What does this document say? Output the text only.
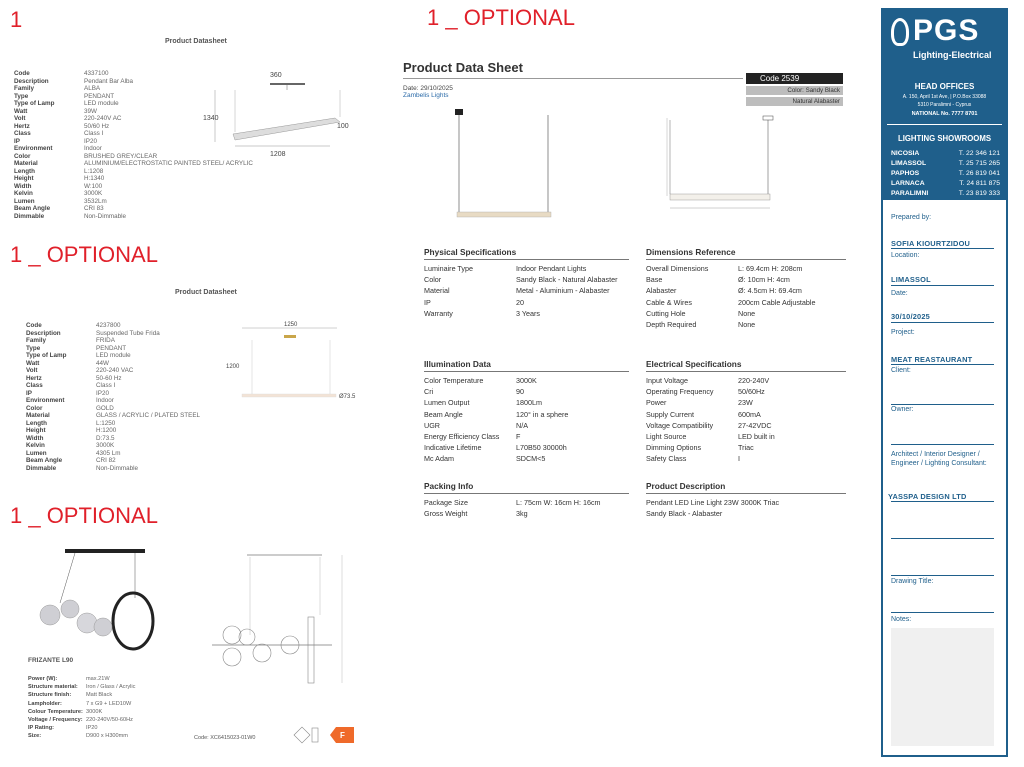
1	1 _ OPTIONAL
1 _ OPTIONAL
1 _ OPTIONAL
Product Datasheet
Code	4337100
Description	Pendant Bar Alba
Family	ALBA
Type	PENDANT
Type of Lamp	LED module
Watt	39W
Volt	220-240V AC
Hertz	50/60 Hz
Class	Class I
IP	IP20
Environment	Indoor
Color	BRUSHED GREY/CLEAR
Material	ALUMINIUM/ELECTROSTATIC PAINTED STEEL/ ACRYLIC
Length	L:1208
Height	H:1340
Width	W:100
Kelvin	3000K
Lumen	3532Lm
Beam Angle	CRI 83
Dimmable	Non-Dimmable
360
1340
100
1208
Product Datasheet
Code	4237800
Description	Suspended Tube Frida
Family	FRIDA
Type	PENDANT
Type of Lamp	LED module
Watt	44W
Volt	220-240 VAC
Hertz	50-60 Hz
Class	Class I
IP	IP20
Environment	Indoor
Color	GOLD
Material	GLASS / ACRYLIC / PLATED STEEL
Length	L:1250
Height	H:1200
Width	D:73.5
Kelvin	3000K
Lumen	4305 Lm
Beam Angle	CRI 82
Dimmable	Non-Dimmable
1250
1200
Ø73.5
FRIZANTE L90
Power (W):	max.21W
Structure material:	Iron / Glass / Acrylic
Structure finish:	Matt Black
Lampholder:	7 x G9 + LED10W
Colour Temperature: 3000K
Voltage / Frequency: 220-240V/50-60Hz
IP Rating:	IP20
Size:	D900 x H300mm	Code: XC6415023-01W0	F
Product Data Sheet
Date: 29/10/2025
Zambelis Lights
Code 2539
Color: Sandy Black
Natural Alabaster
Physical Specifications
Luminaire Type	Indoor Pendant Lights
Color	Sandy Black - Natural Alabaster
Material	Metal - Aluminium - Alabaster
IP	20
Warranty	3 Years
Dimensions Reference
Overall Dimensions	L: 69.4cm H: 208cm
Base	Ø: 10cm H: 4cm
Alabaster	Ø: 4.5cm H: 69.4cm
Cable & Wires	200cm Cable Adjustable
Cutting Hole	None
Depth Required	None
Illumination Data
Color Temperature	3000K
Cri	90
Lumen Output	1800Lm
Beam Angle	120° in a sphere
UGR	N/A
Energy Efficiency Class	F
Indicative Lifetime	L70B50 30000h
Mc Adam	SDCM<5
Electrical Specifications
Input Voltage	220-240V
Operating Frequency	50/60Hz
Power	23W
Supply Current	600mA
Voltage Compatibility	27-42VDC
Light Source	LED built in
Dimming Options	Triac
Safety Class	I
Packing Info
Package Size	L: 75cm W: 16cm H: 16cm
Gross Weight	3kg
Product Description
Pendant LED Line Light 23W 3000K Triac
Sandy Black - Alabaster
PGS
Lighting-Electrical
HEAD OFFICES
A. 150, April 1st Ave, | P.O.Box 33088
5310 Paralimni - Cyprus
NATIONAL No. 7777 8701
LIGHTING SHOWROOMS
NICOSIA	T. 22 346 121
LIMASSOL	T. 25 715 265
PAPHOS	T. 26 819 041
LARNACA	T. 24 811 875
PARALIMNI	T. 23 819 333
Prepared by:
SOFIA KIOURTZIDOU
Location:
LIMASSOL
Date:
30/10/2025
Project:
MEAT REASTAURANT
Client:
Owner:
Architect / Interior Designer / Engineer / Lighting Consultant:
YASSPA DESIGN LTD
Drawing Title:
Notes:
